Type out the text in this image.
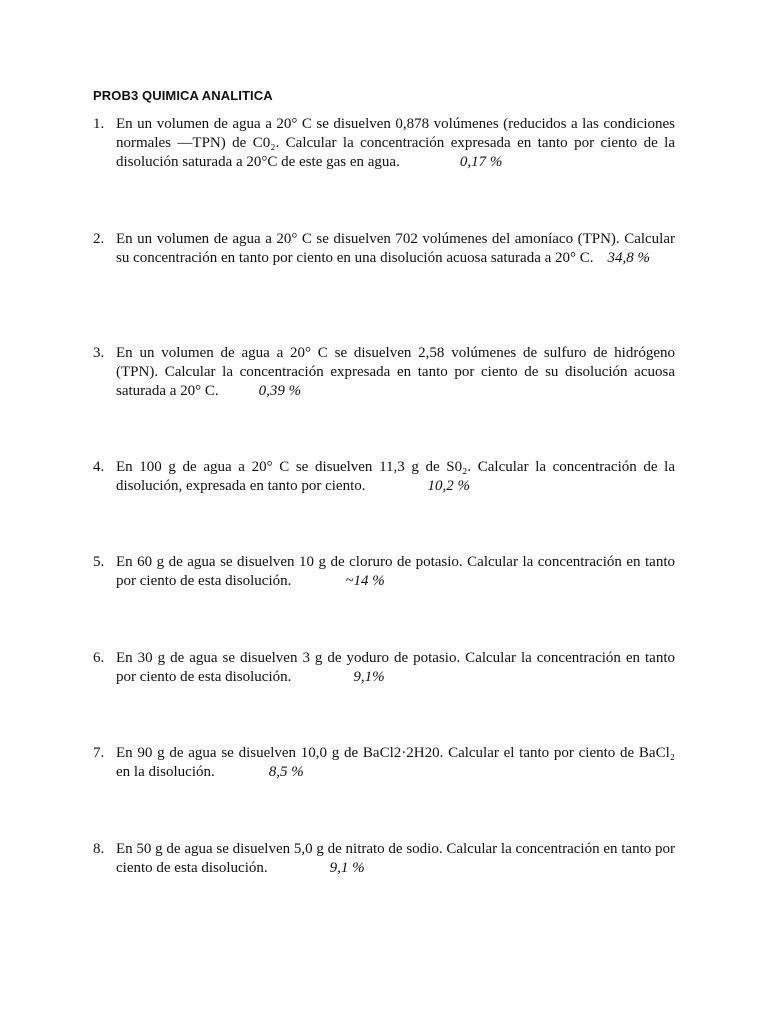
PROB3 QUIMICA ANALITICA
1. En un volumen de agua a 20° C se disuelven 0,878 volúmenes (reducidos a las condiciones normales —TPN) de C0₂. Calcular la concentración expresada en tanto por ciento de la disolución saturada a 20°C de este gas en agua.	0,17 %
2. En un volumen de agua a 20° C se disuelven 702 volúmenes del amoníaco (TPN). Calcular su concentración en tanto por ciento en una disolución acuosa saturada a 20° C. 34,8 %
3. En un volumen de agua a 20° C se disuelven 2,58 volúmenes de sulfuro de hidrógeno (TPN). Calcular la concentración expresada en tanto por ciento de su disolución acuosa saturada a 20° C.	0,39 %
4. En 100 g de agua a 20° C se disuelven 11,3 g de S0₂. Calcular la concentración de la disolución, expresada en tanto por ciento.	10,2 %
5. En 60 g de agua se disuelven 10 g de cloruro de potasio. Calcular la concentración en tanto por ciento de esta disolución.	~14 %
6. En 30 g de agua se disuelven 3 g de yoduro de potasio. Calcular la concentración en tanto por ciento de esta disolución.	9,1%
7. En 90 g de agua se disuelven 10,0 g de BaCl2·2H20. Calcular el tanto por ciento de BaCl₂ en la disolución.	8,5 %
8. En 50 g de agua se disuelven 5,0 g de nitrato de sodio. Calcular la concentración en tanto por ciento de esta disolución.	9,1 %
